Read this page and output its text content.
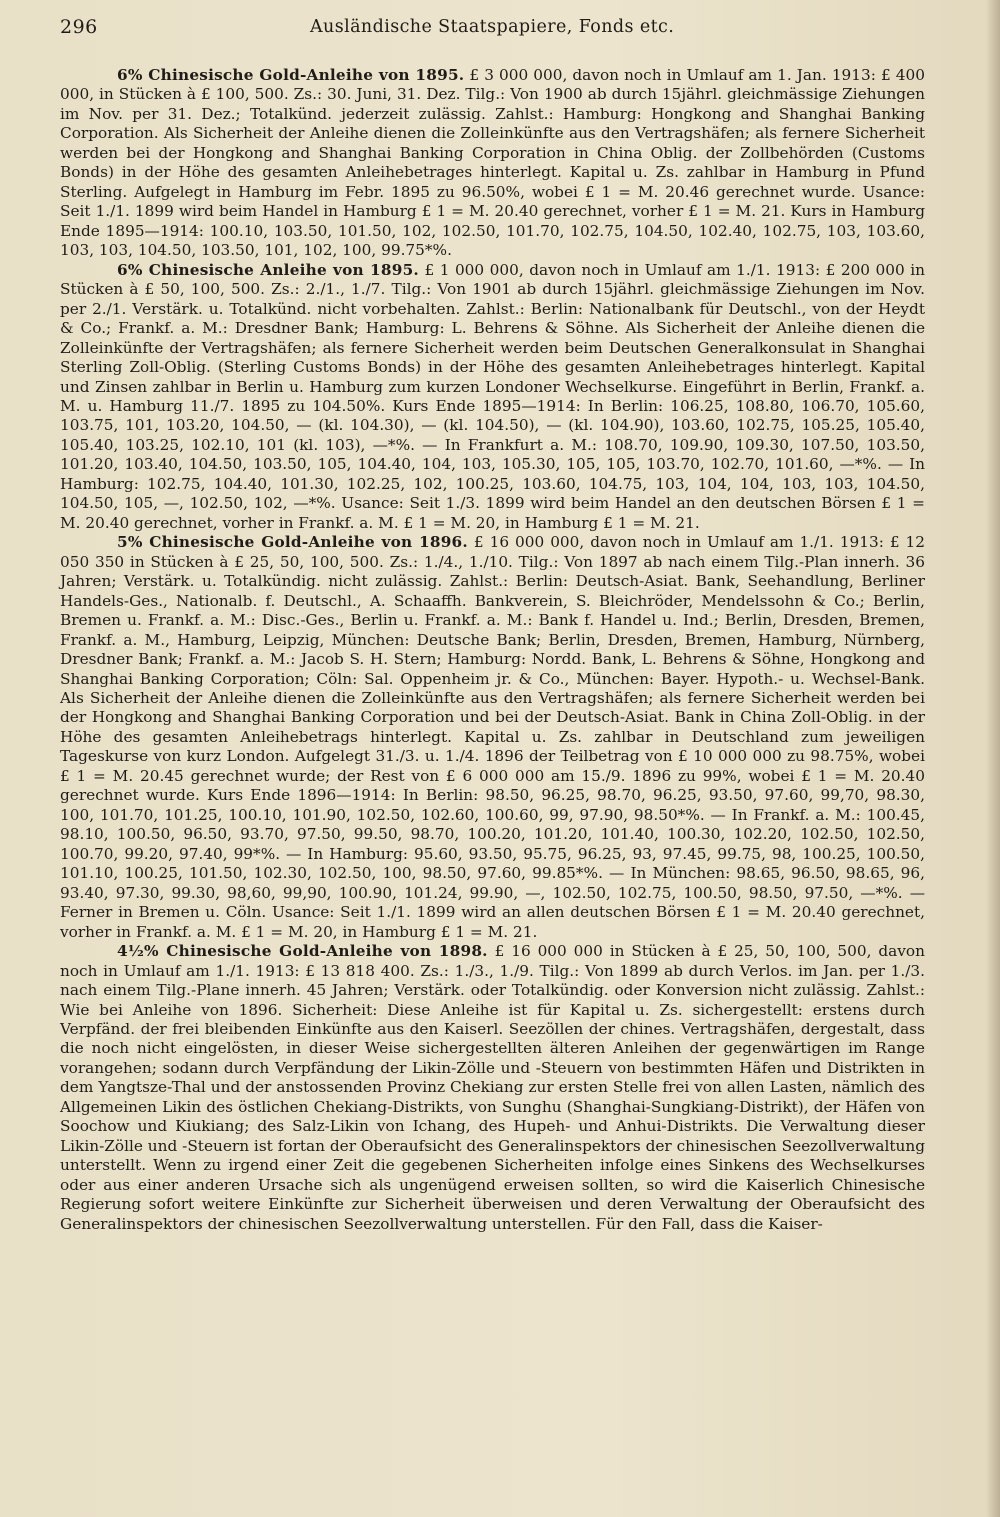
296	Ausländische Staatspapiere, Fonds etc.

6% Chinesische Gold-Anleihe von 1895. £ 3 000 000, davon noch in Umlauf am 1. Jan. 1913: £ 400 000, in Stücken à £ 100, 500. Zs.: 30. Juni, 31. Dez. Tilg.: Von 1900 ab durch 15jährl. gleichmässige Ziehungen im Nov. per 31. Dez.; Totalkünd. jederzeit zulässig. Zahlst.: Hamburg: Hongkong and Shanghai Banking Corporation. Als Sicherheit der Anleihe dienen die Zolleinkünfte aus den Vertragshäfen; als fernere Sicherheit werden bei der Hongkong and Shanghai Banking Corporation in China Oblig. der Zollbehörden (Customs Bonds) in der Höhe des gesamten Anleihebetrages hinterlegt. Kapital u. Zs. zahlbar in Hamburg in Pfund Sterling. Aufgelegt in Hamburg im Febr. 1895 zu 96.50%, wobei £ 1 = M. 20.46 gerechnet wurde. Usance: Seit 1./1. 1899 wird beim Handel in Hamburg £ 1 = M. 20.40 gerechnet, vorher £ 1 = M. 21. Kurs in Hamburg Ende 1895—1914: 100.10, 103.50, 101.50, 102, 102.50, 101.70, 102.75, 104.50, 102.40, 102.75, 103, 103.60, 103, 103, 104.50, 103.50, 101, 102, 100, 99.75*%.

6% Chinesische Anleihe von 1895. £ 1 000 000, davon noch in Umlauf am 1./1. 1913: £ 200 000 in Stücken à £ 50, 100, 500. Zs.: 2./1., 1./7. Tilg.: Von 1901 ab durch 15jährl. gleichmässige Ziehungen im Nov. per 2./1. Verstärk. u. Totalkünd. nicht vorbehalten. Zahlst.: Berlin: Nationalbank für Deutschl., von der Heydt & Co.; Frankf. a. M.: Dresdner Bank; Hamburg: L. Behrens & Söhne. Als Sicherheit der Anleihe dienen die Zolleinkünfte der Vertragshäfen; als fernere Sicherheit werden beim Deutschen Generalkonsulat in Shanghai Sterling Zoll-Oblig. (Sterling Customs Bonds) in der Höhe des gesamten Anleihebetrages hinterlegt. Kapital und Zinsen zahlbar in Berlin u. Hamburg zum kurzen Londoner Wechselkurse. Eingeführt in Berlin, Frankf. a. M. u. Hamburg 11./7. 1895 zu 104.50%. Kurs Ende 1895—1914: In Berlin: 106.25, 108.80, 106.70, 105.60, 103.75, 101, 103.20, 104.50, — (kl. 104.30), — (kl. 104.50), — (kl. 104.90), 103.60, 102.75, 105.25, 105.40, 105.40, 103.25, 102.10, 101 (kl. 103), —*%. — In Frankfurt a. M.: 108.70, 109.90, 109.30, 107.50, 103.50, 101.20, 103.40, 104.50, 103.50, 105, 104.40, 104, 103, 105.30, 105, 105, 103.70, 102.70, 101.60, —*%. — In Hamburg: 102.75, 104.40, 101.30, 102.25, 102, 100.25, 103.60, 104.75, 103, 104, 104, 103, 103, 104.50, 104.50, 105, —, 102.50, 102, —*%. Usance: Seit 1./3. 1899 wird beim Handel an den deutschen Börsen £ 1 = M. 20.40 gerechnet, vorher in Frankf. a. M. £ 1 = M. 20, in Hamburg £ 1 = M. 21.

5% Chinesische Gold-Anleihe von 1896. £ 16 000 000, davon noch in Umlauf am 1./1. 1913: £ 12 050 350 in Stücken à £ 25, 50, 100, 500. Zs.: 1./4., 1./10. Tilg.: Von 1897 ab nach einem Tilg.-Plan innerh. 36 Jahren; Verstärk. u. Totalkündig. nicht zulässig. Zahlst.: Berlin: Deutsch-Asiat. Bank, Seehandlung, Berliner Handels-Ges., Nationalb. f. Deutschl., A. Schaaffh. Bankverein, S. Bleichröder, Mendelssohn & Co.; Berlin, Bremen u. Frankf. a. M.: Disc.-Ges., Berlin u. Frankf. a. M.: Bank f. Handel u. Ind.; Berlin, Dresden, Bremen, Frankf. a. M., Hamburg, Leipzig, München: Deutsche Bank; Berlin, Dresden, Bremen, Hamburg, Nürnberg, Dresdner Bank; Frankf. a. M.: Jacob S. H. Stern; Hamburg: Nordd. Bank, L. Behrens & Söhne, Hongkong and Shanghai Banking Corporation; Cöln: Sal. Oppenheim jr. & Co., München: Bayer. Hypoth.- u. Wechsel-Bank. Als Sicherheit der Anleihe dienen die Zolleinkünfte aus den Vertragshäfen; als fernere Sicherheit werden bei der Hongkong and Shanghai Banking Corporation und bei der Deutsch-Asiat. Bank in China Zoll-Oblig. in der Höhe des gesamten Anleihebetrags hinterlegt. Kapital u. Zs. zahlbar in Deutschland zum jeweiligen Tageskurse von kurz London. Aufgelegt 31./3. u. 1./4. 1896 der Teilbetrag von £ 10 000 000 zu 98.75%, wobei £ 1 = M. 20.45 gerechnet wurde; der Rest von £ 6 000 000 am 15./9. 1896 zu 99%, wobei £ 1 = M. 20.40 gerechnet wurde. Kurs Ende 1896—1914: In Berlin: 98.50, 96.25, 98.70, 96.25, 93.50, 97.60, 99,70, 98.30, 100, 101.70, 101.25, 100.10, 101.90, 102.50, 102.60, 100.60, 99, 97.90, 98.50*%. — In Frankf. a. M.: 100.45, 98.10, 100.50, 96.50, 93.70, 97.50, 99.50, 98.70, 100.20, 101.20, 101.40, 100.30, 102.20, 102.50, 102.50, 100.70, 99.20, 97.40, 99*%. — In Hamburg: 95.60, 93.50, 95.75, 96.25, 93, 97.45, 99.75, 98, 100.25, 100.50, 101.10, 100.25, 101.50, 102.30, 102.50, 100, 98.50, 97.60, 99.85*%. — In München: 98.65, 96.50, 98.65, 96, 93.40, 97.30, 99.30, 98,60, 99,90, 100.90, 101.24, 99.90, —, 102.50, 102.75, 100.50, 98.50, 97.50, —*%. — Ferner in Bremen u. Cöln. Usance: Seit 1./1. 1899 wird an allen deutschen Börsen £ 1 = M. 20.40 gerechnet, vorher in Frankf. a. M. £ 1 = M. 20, in Hamburg £ 1 = M. 21.

4½% Chinesische Gold-Anleihe von 1898. £ 16 000 000 in Stücken à £ 25, 50, 100, 500, davon noch in Umlauf am 1./1. 1913: £ 13 818 400. Zs.: 1./3., 1./9. Tilg.: Von 1899 ab durch Verlos. im Jan. per 1./3. nach einem Tilg.-Plane innerh. 45 Jahren; Verstärk. oder Totalkündig. oder Konversion nicht zulässig. Zahlst.: Wie bei Anleihe von 1896. Sicherheit: Diese Anleihe ist für Kapital u. Zs. sichergestellt: erstens durch Verpfänd. der frei bleibenden Einkünfte aus den Kaiserl. Seezöllen der chines. Vertragshäfen, dergestalt, dass die noch nicht eingelösten, in dieser Weise sichergestellten älteren Anleihen der gegenwärtigen im Range vorangehen; sodann durch Verpfändung der Likin-Zölle und -Steuern von bestimmten Häfen und Distrikten in dem Yangtsze-Thal und der anstossenden Provinz Chekiang zur ersten Stelle frei von allen Lasten, nämlich des Allgemeinen Likin des östlichen Chekiang-Distrikts, von Sunghu (Shanghai-Sungkiang-Distrikt), der Häfen von Soochow und Kiukiang; des Salz-Likin von Ichang, des Hupeh- und Anhui-Distrikts. Die Verwaltung dieser Likin-Zölle und -Steuern ist fortan der Oberaufsicht des Generalinspektors der chinesischen Seezollverwaltung unterstellt. Wenn zu irgend einer Zeit die gegebenen Sicherheiten infolge eines Sinkens des Wechselkurses oder aus einer anderen Ursache sich als ungenügend erweisen sollten, so wird die Kaiserlich Chinesische Regierung sofort weitere Einkünfte zur Sicherheit überweisen und deren Verwaltung der Oberaufsicht des Generalinspektors der chinesischen Seezollverwaltung unterstellen. Für den Fall, dass die Kaiser-
